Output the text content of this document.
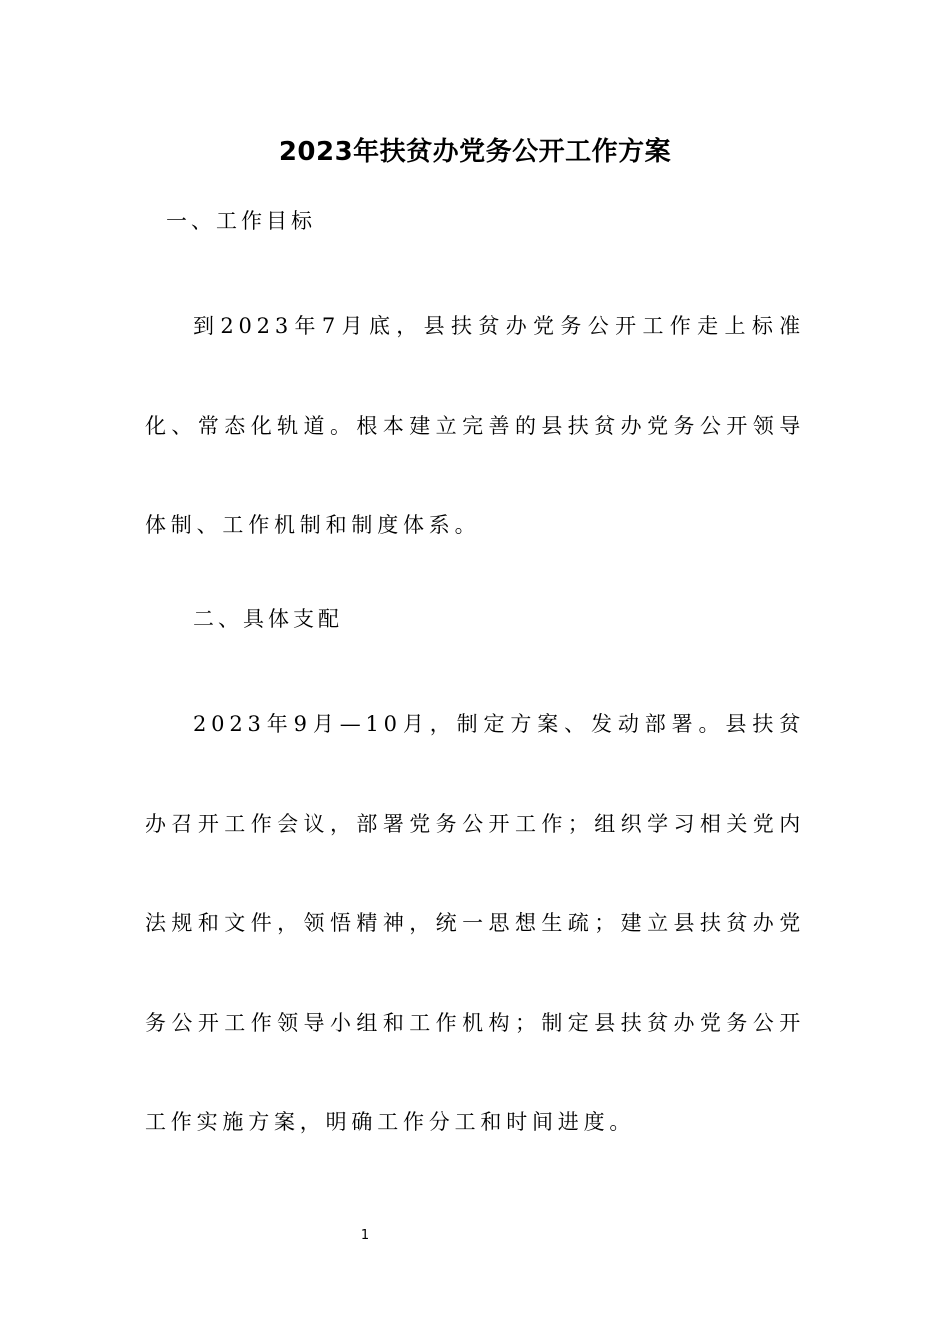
2023年扶贫办党务公开工作方案
一、工作目标
到2023年7月底，县扶贫办党务公开工作走上标准化、常态化轨道。根本建立完善的县扶贫办党务公开领导体制、工作机制和制度体系。
二、具体支配
2023年9月—10月，制定方案、发动部署。县扶贫办召开工作会议，部署党务公开工作；组织学习相关党内法规和文件，领悟精神，统一思想生疏；建立县扶贫办党务公开工作领导小组和工作机构；制定县扶贫办党务公开工作实施方案，明确工作分工和时间进度。
1
